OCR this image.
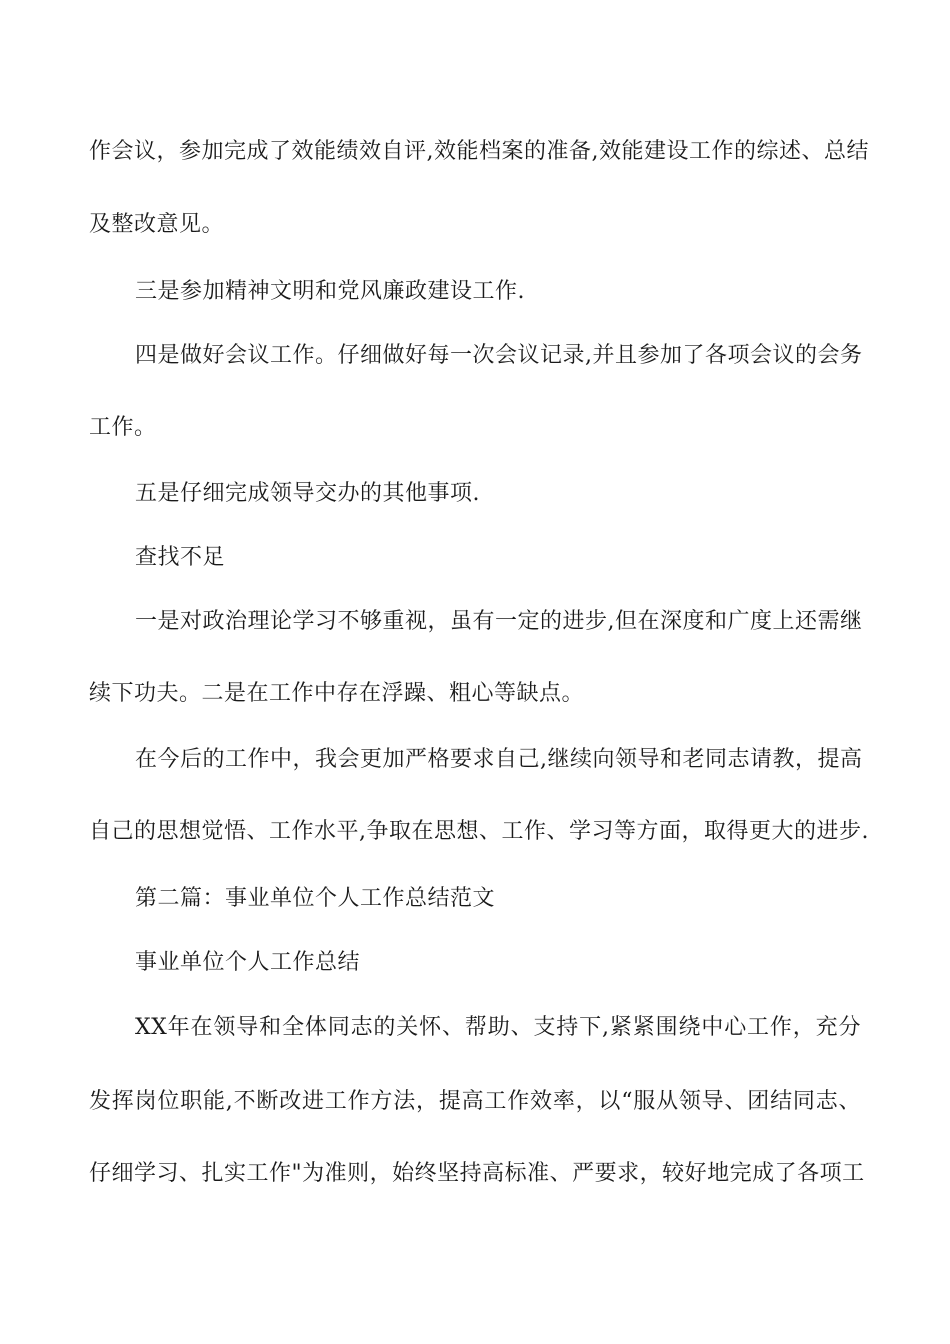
作会议，参加完成了效能绩效自评,效能档案的准备,效能建设工作的综述、总结
及整改意见。
三是参加精神文明和党风廉政建设工作.
四是做好会议工作。仔细做好每一次会议记录,并且参加了各项会议的会务
工作。
五是仔细完成领导交办的其他事项.
查找不足
一是对政治理论学习不够重视，虽有一定的进步,但在深度和广度上还需继
续下功夫。二是在工作中存在浮躁、粗心等缺点。
在今后的工作中，我会更加严格要求自己,继续向领导和老同志请教，提高
自己的思想觉悟、工作水平,争取在思想、工作、学习等方面，取得更大的进步.
第二篇：事业单位个人工作总结范文
事业单位个人工作总结
XX年在领导和全体同志的关怀、帮助、支持下,紧紧围绕中心工作，充分
发挥岗位职能,不断改进工作方法，提高工作效率，以“服从领导、团结同志、
仔细学习、扎实工作"为准则，始终坚持高标准、严要求，较好地完成了各项工
